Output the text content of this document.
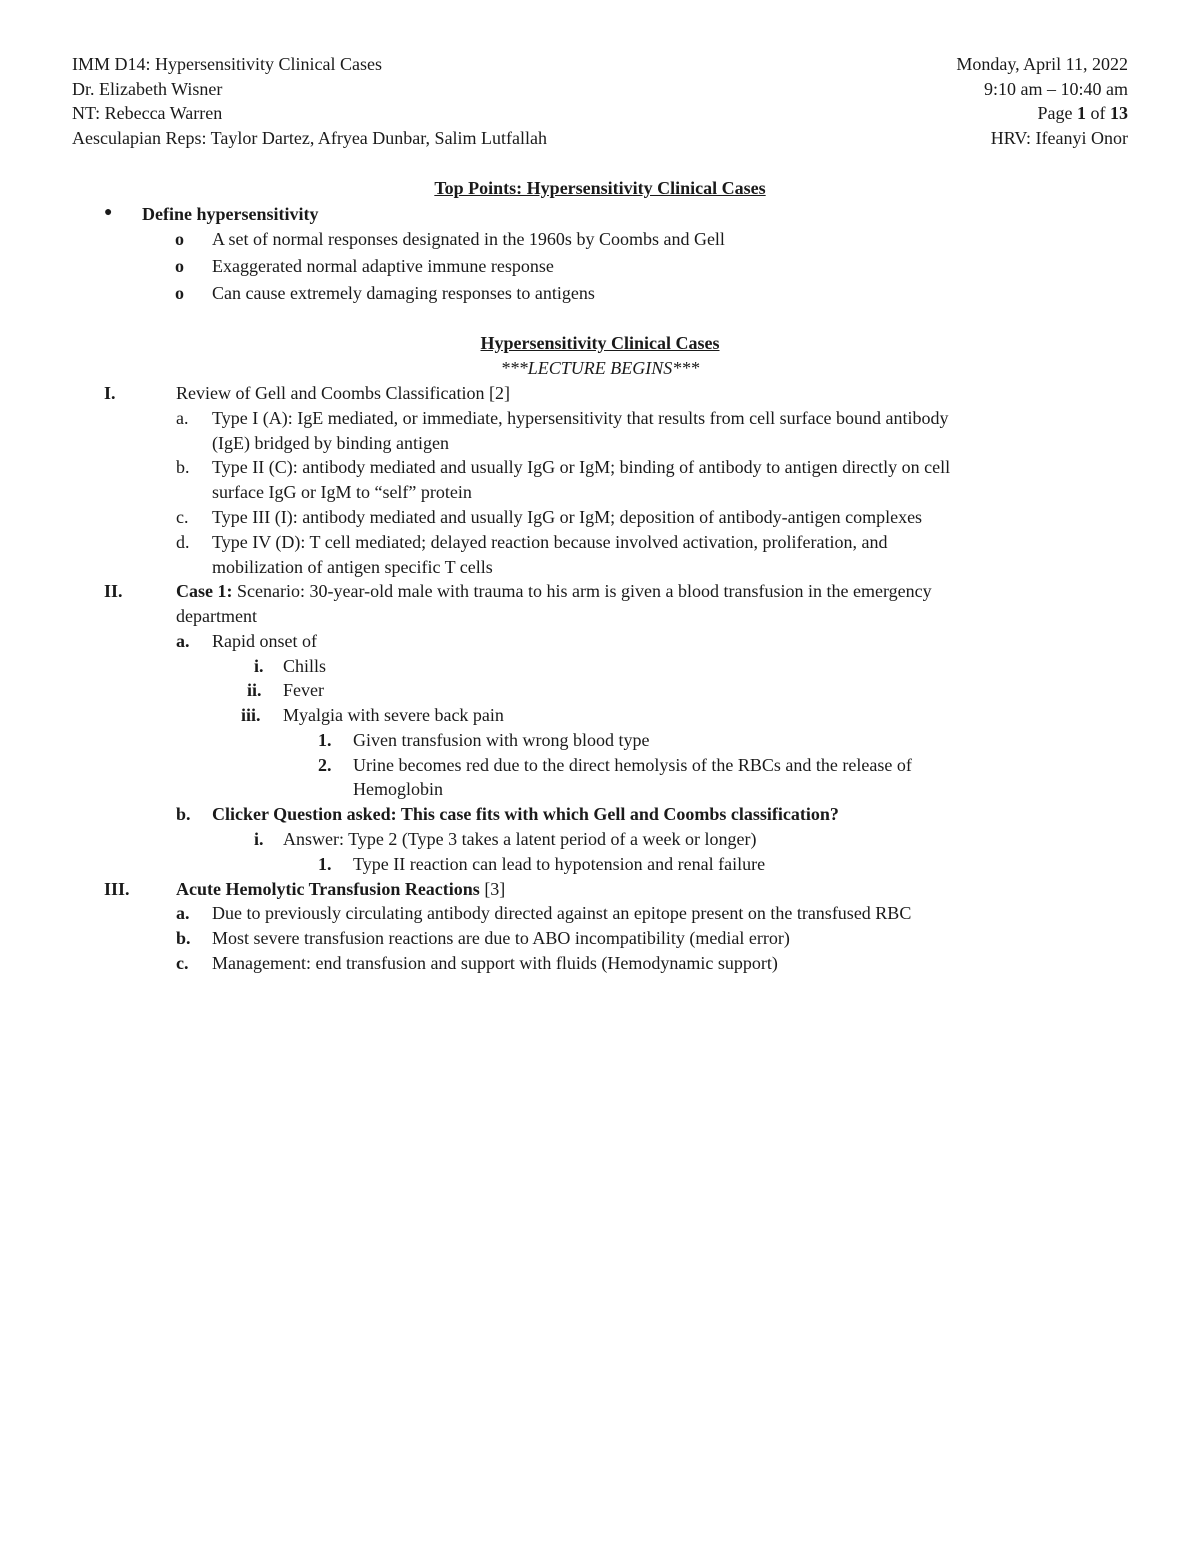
IMM D14: Hypersensitivity Clinical Cases	Monday, April 11, 2022
Dr. Elizabeth Wisner	9:10 am – 10:40 am
NT: Rebecca Warren	Page 1 of 13
Aesculapian Reps: Taylor Dartez, Afryea Dunbar, Salim Lutfallah	HRV: Ifeanyi Onor
Top Points: Hypersensitivity Clinical Cases
● Define hypersensitivity
o A set of normal responses designated in the 1960s by Coombs and Gell
o Exaggerated normal adaptive immune response
o Can cause extremely damaging responses to antigens
Hypersensitivity Clinical Cases
***LECTURE BEGINS***
I.	Review of Gell and Coombs Classification [2]
a. Type I (A): IgE mediated, or immediate, hypersensitivity that results from cell surface bound antibody
(IgE) bridged by binding antigen
b. Type II (C): antibody mediated and usually IgG or IgM; binding of antibody to antigen directly on cell
surface IgG or IgM to “self” protein
c. Type III (I): antibody mediated and usually IgG or IgM; deposition of antibody-antigen complexes
d. Type IV (D): T cell mediated; delayed reaction because involved activation, proliferation, and
mobilization of antigen specific T cells
II.	Case 1: Scenario: 30-year-old male with trauma to his arm is given a blood transfusion in the emergency
department
a. Rapid onset of
i. Chills
ii. Fever
iii. Myalgia with severe back pain
1. Given transfusion with wrong blood type
2. Urine becomes red due to the direct hemolysis of the RBCs and the release of
Hemoglobin
b. Clicker Question asked: This case fits with which Gell and Coombs classification?
i. Answer: Type 2 (Type 3 takes a latent period of a week or longer)
1. Type II reaction can lead to hypotension and renal failure
III.	Acute Hemolytic Transfusion Reactions [3]
a. Due to previously circulating antibody directed against an epitope present on the transfused RBC
b. Most severe transfusion reactions are due to ABO incompatibility (medial error)
c. Management: end transfusion and support with fluids (Hemodynamic support)
